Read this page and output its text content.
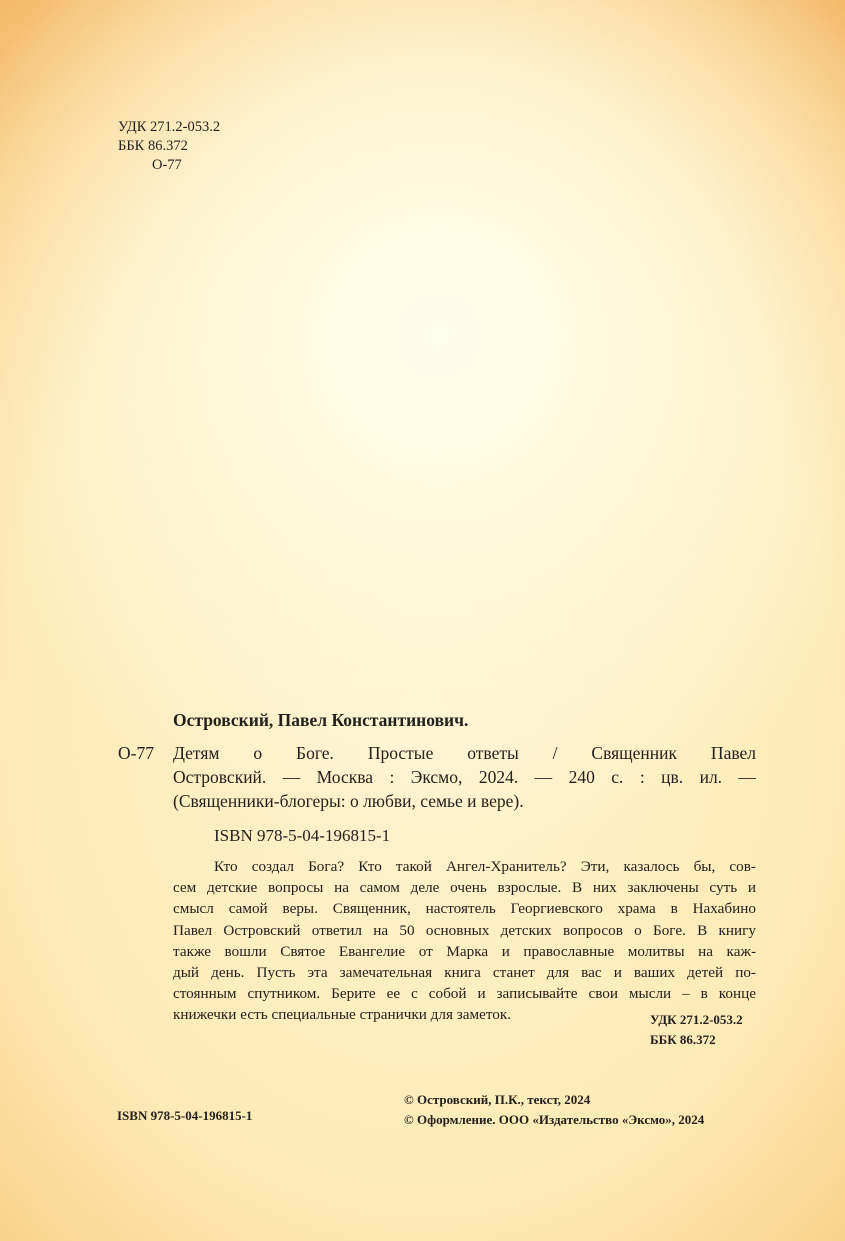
УДК 271.2-053.2
ББК 86.372
О-77
Островский, Павел Константинович.
О-77 Детям о Боге. Простые ответы / Священник Павел
Островский. — Москва : Эксмо, 2024. — 240 с. : цв. ил. —
(Священники-блогеры: о любви, семье и вере).
ISBN 978-5-04-196815-1
Кто создал Бога? Кто такой Ангел-Хранитель? Эти, казалось бы, сов-
сем детские вопросы на самом деле очень взрослые. В них заключены суть и
смысл самой веры. Священник, настоятель Георгиевского храма в Нахабино
Павел Островский ответил на 50 основных детских вопросов о Боге. В книгу
также вошли Святое Евангелие от Марка и православные молитвы на каж-
дый день. Пусть эта замечательная книга станет для вас и ваших детей по-
стоянным спутником. Берите ее с собой и записывайте свои мысли – в конце
книжечки есть специальные странички для заметок.	УДК 271.2-053.2
ББК 86.372
ISBN 978-5-04-196815-1
© Островский, П.К., текст, 2024
© Оформление. ООО «Издательство «Эксмо», 2024
